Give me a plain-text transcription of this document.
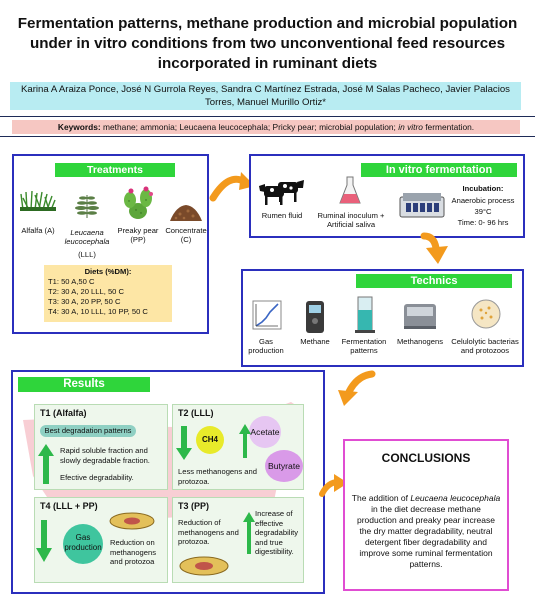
Fermentation patterns, methane production and microbial population under in vitro conditions from two unconventional feed resources incorporated in ruminant diets
Karina A Araiza Ponce, José N Gurrola Reyes, Sandra C Martínez Estrada, José M Salas Pacheco, Javier Palacios Torres, Manuel Murillo Ortiz*
Keywords: methane; ammonia; Leucaena leucocephala; Pricky pear; microbial population; in vitro fermentation.
Treatments
Alfalfa (A)	Leucaena leucocephala
(LLL)
Preaky pear (PP)
Concentrate (C)
Diets (%DM):
T1: 50 A,50 C
T2: 30 A, 20 LLL, 50 C
T3: 30 A, 20 PP, 50 C
T4: 30 A, 10 LLL, 10 PP, 50 C
In vitro fermentation
Rumen fluid	Ruminal inoculum + Artificial saliva
Incubation:
Anaerobic process
39°C
Time: 0- 96 hrs
Technics
Gas production
Methane	Fermentation patterns
Methanogens	Celulolytic bacterias and protozoos
Results
T1 (Alfalfa)
Best degradation patterns
Rapid soluble fraction and slowly degradable fraction.
Efective degradability.
T2 (LLL)
CH4
Acetate
Butyrate
Less methanogens and protozoa.
T4 (LLL + PP)
Gas production
Reduction on methanogens and protozoa
T3 (PP)
Reduction of methanogens and protozoa.
Increase of effective degradability and true digestibility.
CONCLUSIONS

The addition of Leucaena leucocephala in the diet decrease methane production and preaky pear increase the dry matter degradability, neutral detergent fiber degradability and improve some ruminal fermentation patterns.
